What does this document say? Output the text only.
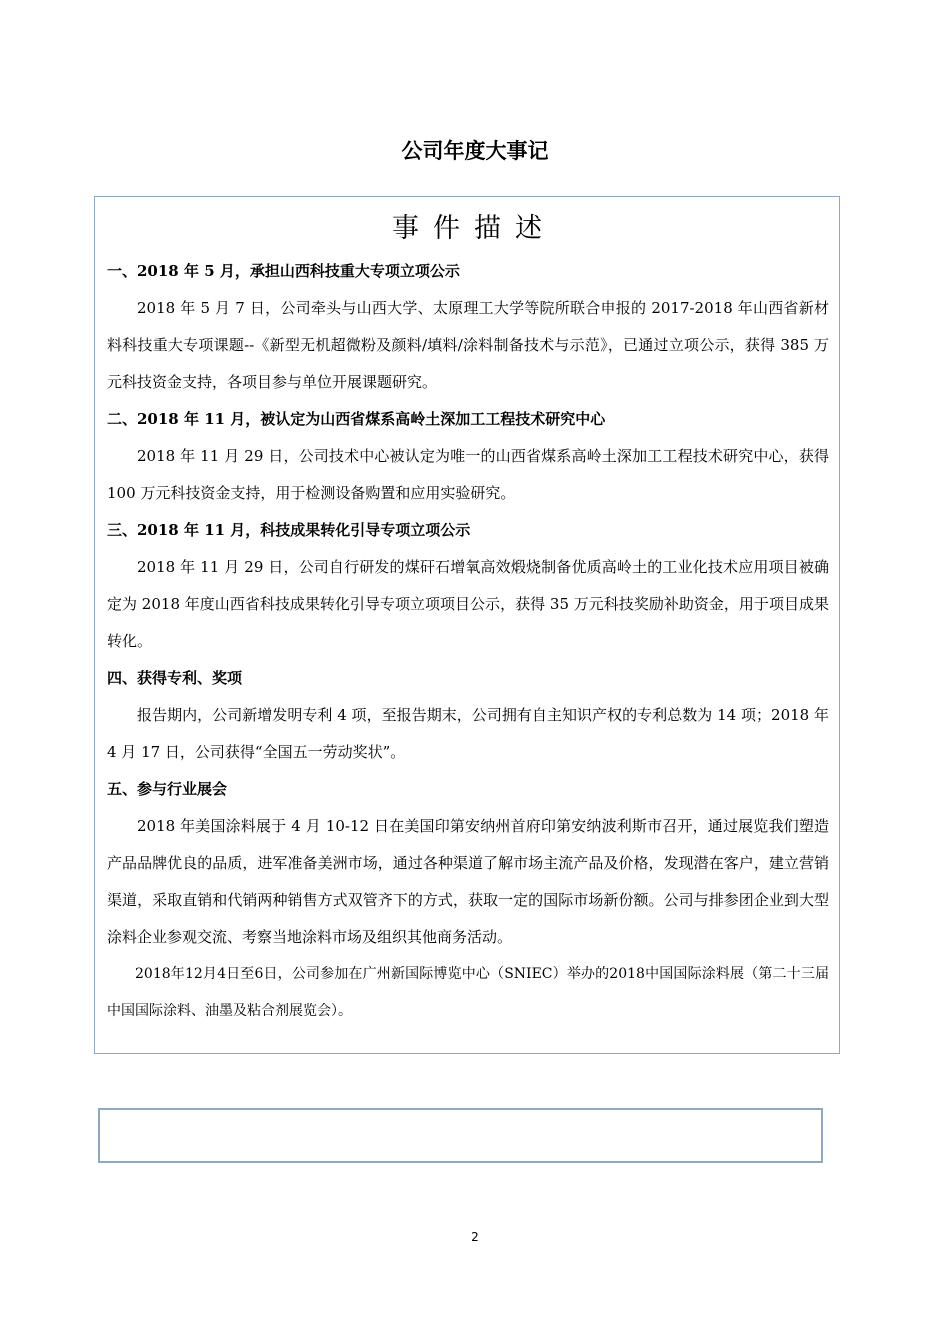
公司年度大事记
事件描述
一、2018 年 5 月，承担山西科技重大专项立项公示

2018 年 5 月 7 日，公司牵头与山西大学、太原理工大学等院所联合申报的 2017-2018 年山西省新材料科技重大专项课题--《新型无机超微粉及颜料/填料/涂料制备技术与示范》，已通过立项公示，获得 385 万元科技资金支持，各项目参与单位开展课题研究。

二、2018 年 11 月，被认定为山西省煤系高岭土深加工工程技术研究中心

2018 年 11 月 29 日，公司技术中心被认定为唯一的山西省煤系高岭土深加工工程技术研究中心，获得 100 万元科技资金支持，用于检测设备购置和应用实验研究。

三、2018 年 11 月，科技成果转化引导专项立项公示

2018 年 11 月 29 日，公司自行研发的煤矸石增氧高效煅烧制备优质高岭土的工业化技术应用项目被确定为 2018 年度山西省科技成果转化引导专项立项项目公示，获得 35 万元科技奖励补助资金，用于项目成果转化。

四、获得专利、奖项

报告期内，公司新增发明专利 4 项，至报告期末，公司拥有自主知识产权的专利总数为 14 项；2018 年 4 月 17 日，公司获得“全国五一劳动奖状”。

五、参与行业展会

2018 年美国涂料展于 4 月 10-12 日在美国印第安纳州首府印第安纳波利斯市召开，通过展览我们塑造产品品牌优良的品质，进军准备美洲市场，通过各种渠道了解市场主流产品及价格，发现潜在客户，建立营销渠道，采取直销和代销两种销售方式双管齐下的方式，获取一定的国际市场新份额。公司与排参团企业到大型涂料企业参观交流、考察当地涂料市场及组织其他商务活动。

2018年12月4日至6日，公司参加在广州新国际博览中心（SNIEC）举办的2018中国国际涂料展（第二十三届中国国际涂料、油墨及粘合剂展览会）。

2
